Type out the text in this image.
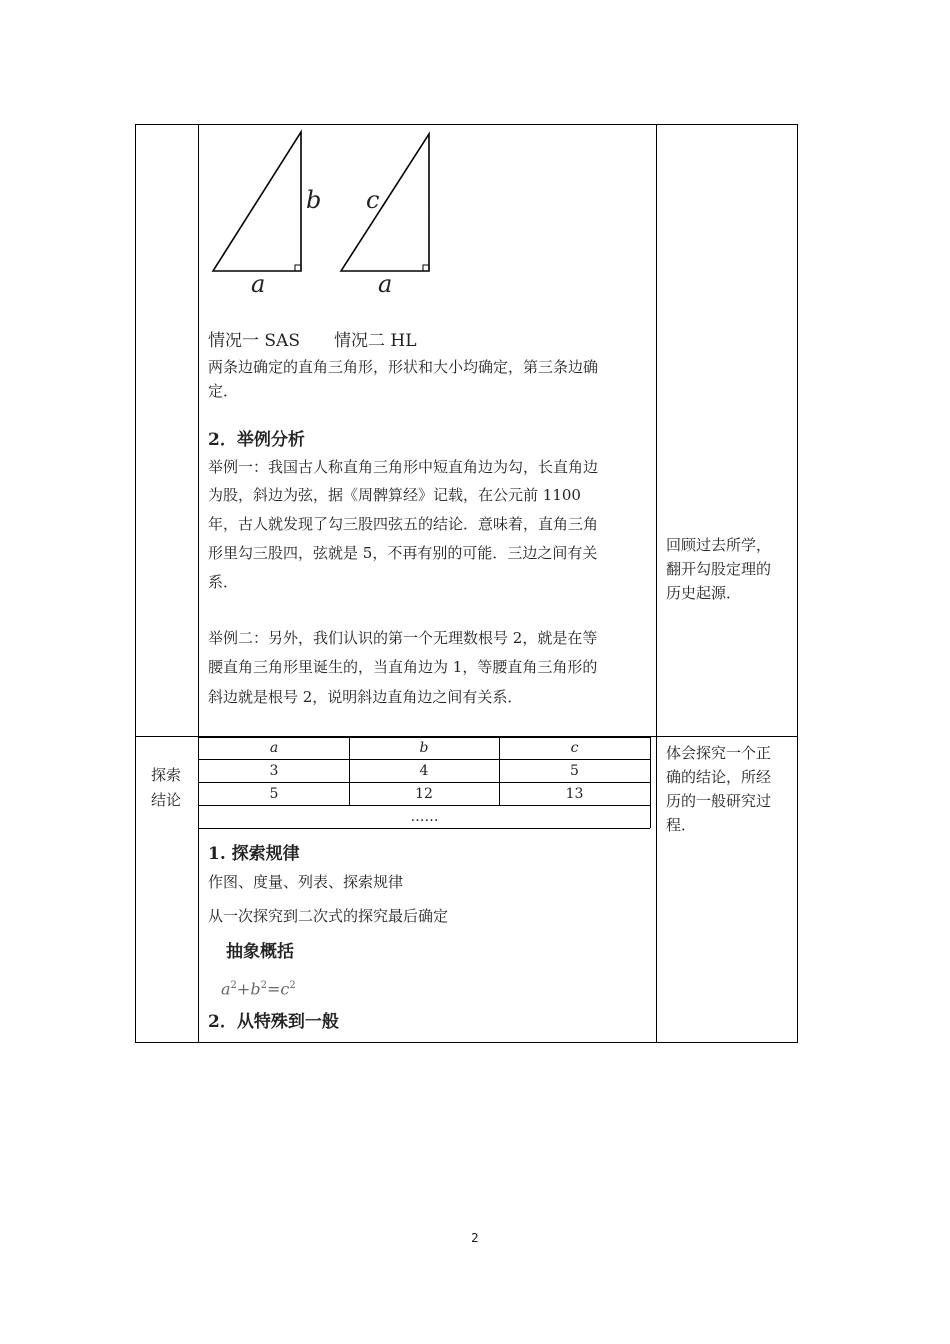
b
a
c
a
情况一 SAS　　情况二 HL
两条边确定的直角三角形，形状和大小均确定，第三条边确
定．
2．举例分析
举例一：我国古人称直角三角形中短直角边为勾，长直角边
为股，斜边为弦，据《周髀算经》记载，在公元前 1100
年，古人就发现了勾三股四弦五的结论．意味着，直角三角
形里勾三股四，弦就是 5，不再有别的可能．三边之间有关
系．
举例二：另外，我们认识的第一个无理数根号 2，就是在等
腰直角三角形里诞生的，当直角边为 1，等腰直角三角形的
斜边就是根号 2，说明斜边直角边之间有关系．
回顾过去所学，
翻开勾股定理的
历史起源．
探索
结论
a	b	c
3	4	5
5	12	13
……
1. 探索规律
作图、度量、列表、探索规律
从一次探究到二次式的探究最后确定
抽象概括
$a^2+b^2=c^2$
2．从特殊到一般
体会探究一个正
确的结论，所经
历的一般研究过
程．
2
